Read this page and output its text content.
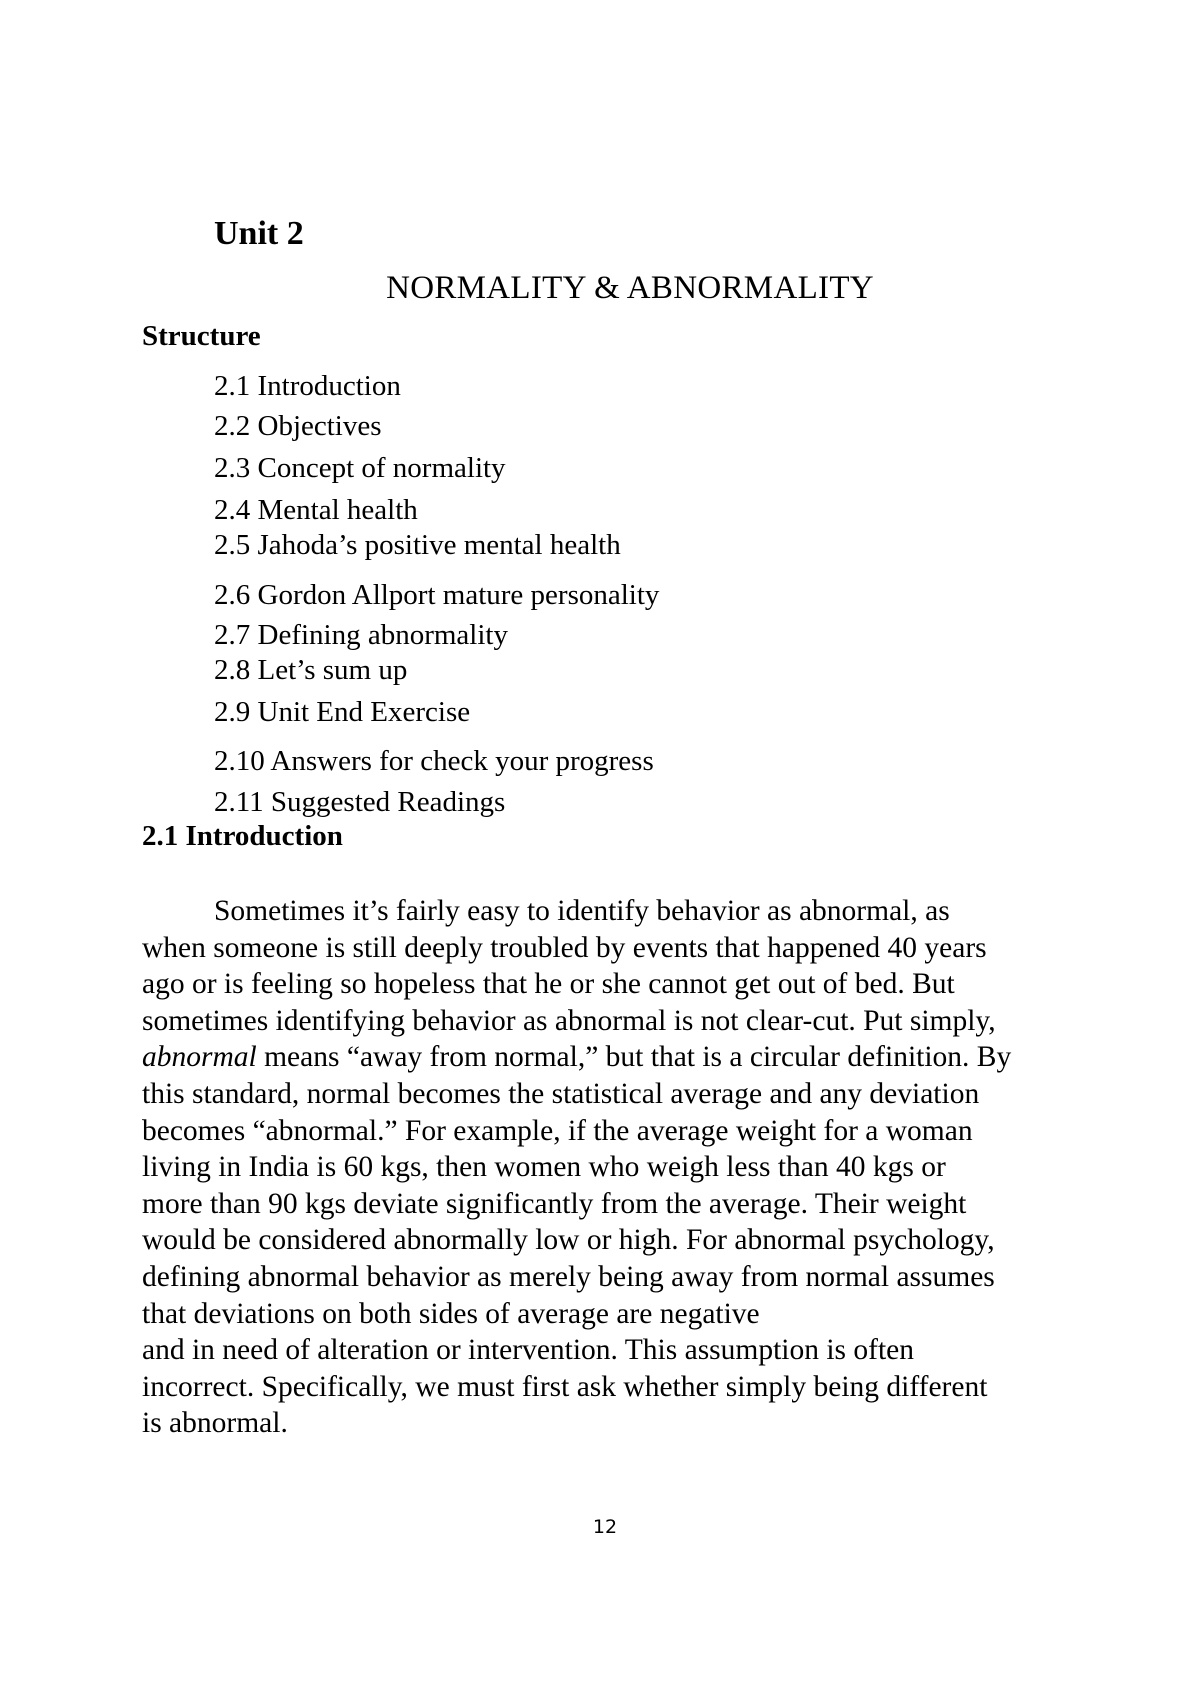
Unit 2
NORMALITY & ABNORMALITY
Structure
2.1 Introduction
2.2 Objectives
2.3 Concept of normality
2.4 Mental health
2.5 Jahoda’s positive mental health
2.6 Gordon Allport mature personality
2.7 Defining abnormality
2.8 Let’s sum up
2.9 Unit End Exercise
2.10 Answers for check your progress
2.11 Suggested Readings
2.1 Introduction

Sometimes it’s fairly easy to identify behavior as abnormal, as
when someone is still deeply troubled by events that happened 40 years
ago or is feeling so hopeless that he or she cannot get out of bed. But
sometimes identifying behavior as abnormal is not clear-cut. Put simply,
abnormal means “away from normal,” but that is a circular definition. By
this standard, normal becomes the statistical average and any deviation
becomes “abnormal.” For example, if the average weight for a woman
living in India is 60 kgs, then women who weigh less than 40 kgs or
more than 90 kgs deviate significantly from the average. Their weight
would be considered abnormally low or high. For abnormal psychology,
defining abnormal behavior as merely being away from normal assumes
that deviations on both sides of average are negative
and in need of alteration or intervention. This assumption is often
incorrect. Specifically, we must first ask whether simply being different
is abnormal.

12
